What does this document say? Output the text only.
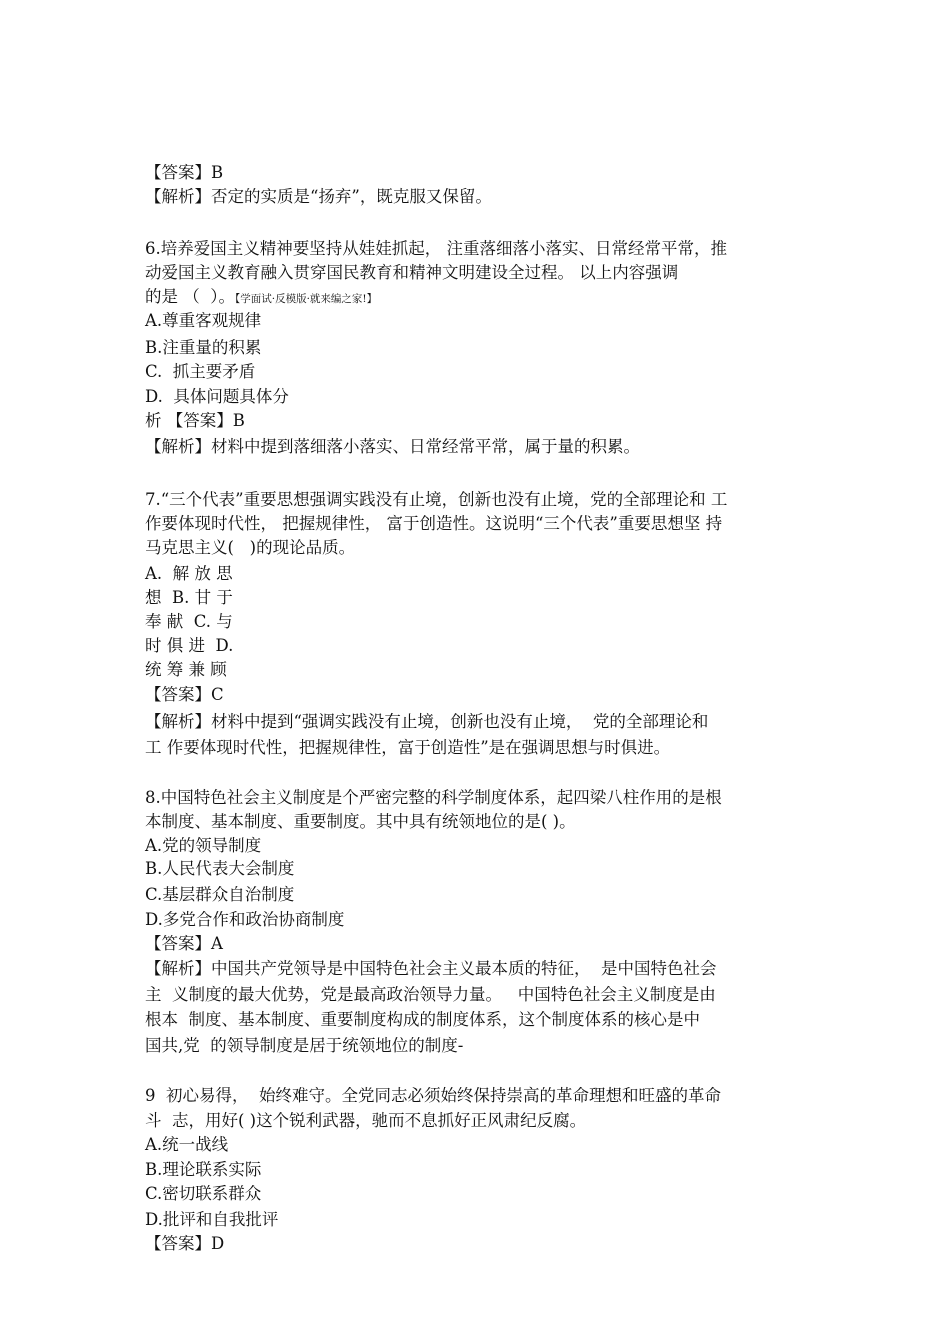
【答案】B

【解析】否定的实质是“扬弃”，既克服又保留。

6.培养爱国主义精神要坚持从娃娃抓起， 注重落细落小落实、日常经常平常，推

动爱国主义教育融入贯穿国民教育和精神文明建设全过程。 以上内容强调

的是 （  ）。【学面试·反模版·就来编之家!】

A.尊重客观规律

B.注重量的积累

C.  抓主要矛盾

D.  具体问题具体分

析 【答案】B

【解析】材料中提到落细落小落实、日常经常平常，属于量的积累。

7.“三个代表”重要思想强调实践没有止境，创新也没有止境，党的全部理论和 工

作要体现时代性， 把握规律性， 富于创造性。这说明“三个代表”重要思想坚 持

马克思主义(   )的现论品质。

A.  解 放 思

想  B. 甘 于

奉 献  C. 与

时 俱 进  D.

统 筹 兼 顾

【答案】C

【解析】材料中提到“强调实践没有止境，创新也没有止境，  党的全部理论和

工 作要体现时代性，把握规律性，富于创造性”是在强调思想与时俱进。

8.中国特色社会主义制度是个严密完整的科学制度体系，起四梁八柱作用的是根

本制度、基本制度、重要制度。其中具有统领地位的是( )。

A.党的领导制度

B.人民代表大会制度

C.基层群众自治制度

D.多党合作和政治协商制度

【答案】A

【解析】中国共产党领导是中国特色社会主义最本质的特征，  是中国特色社会

主  义制度的最大优势，党是最高政治领导力量。   中国特色社会主义制度是由

根本  制度、基本制度、重要制度构成的制度体系，这个制度体系的核心是中

国共,党  的领导制度是居于统领地位的制度-

9  初心易得，  始终难守。全党同志必须始终保持崇高的革命理想和旺盛的革命

斗  志，用好( )这个锐利武器，驰而不息抓好正风肃纪反腐。

A.统一战线

B.理论联系实际

C.密切联系群众

D.批评和自我批评

【答案】D
